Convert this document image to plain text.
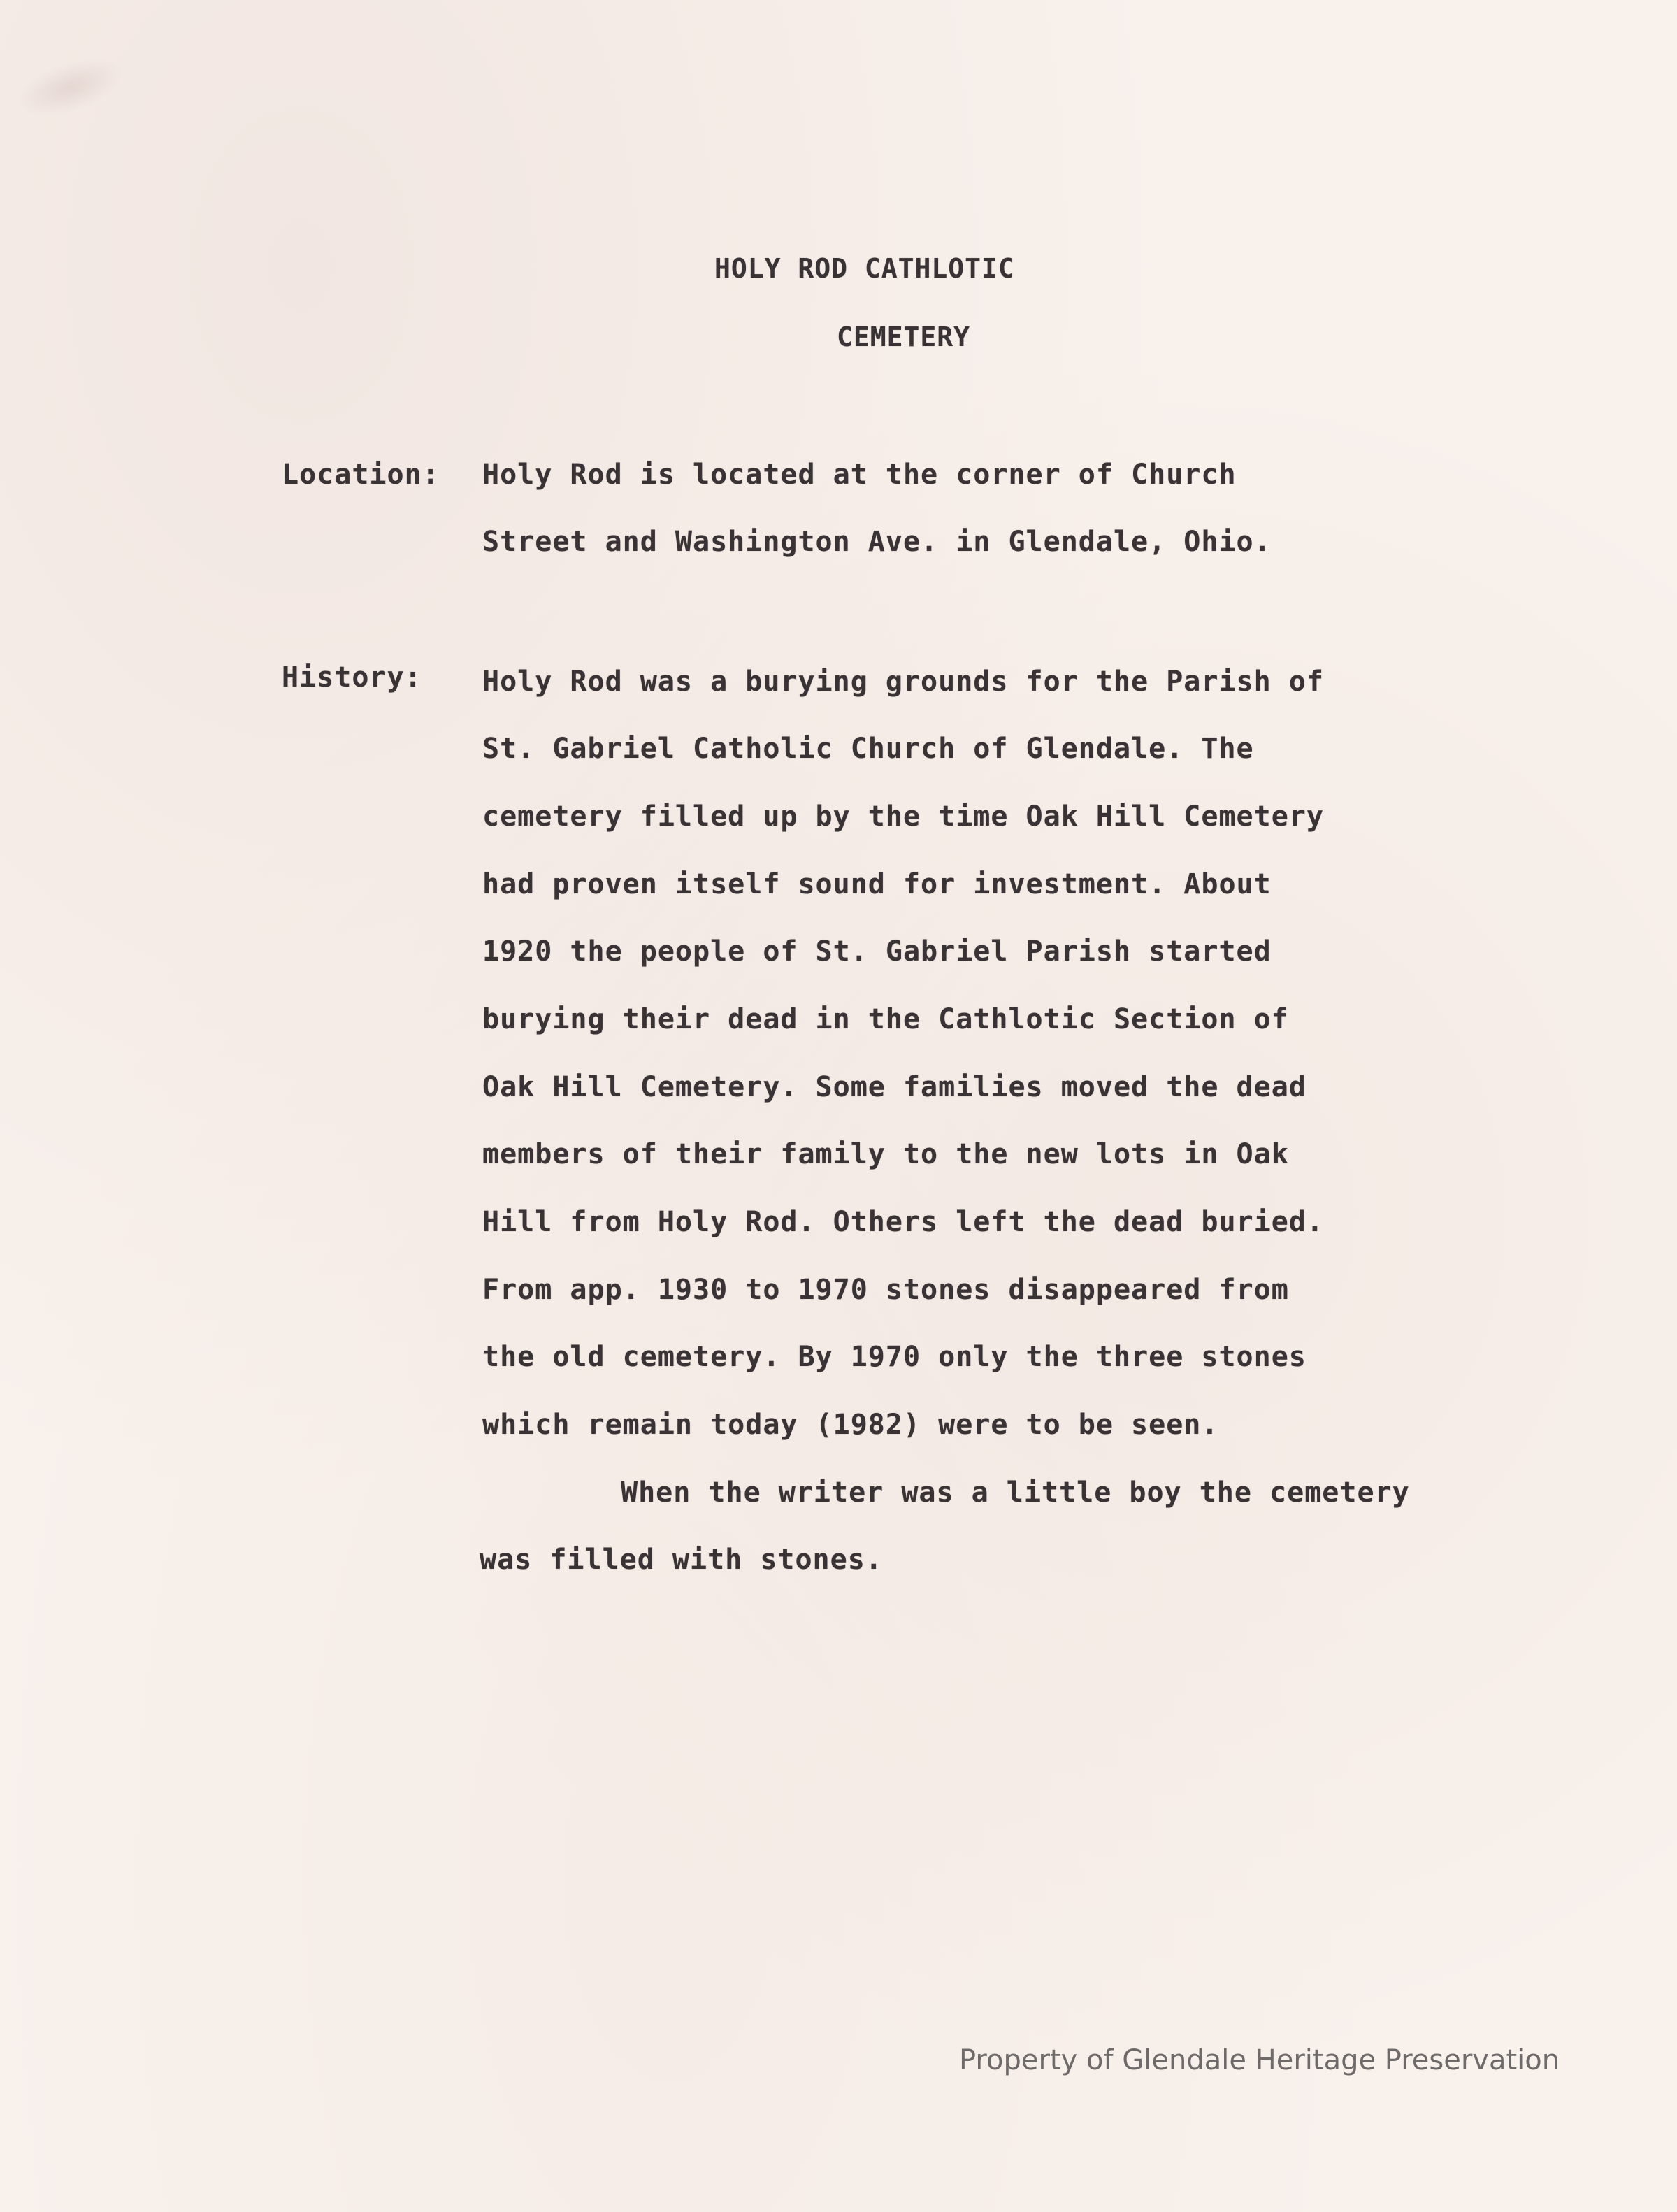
HOLY ROD CATHLOTIC
CEMETERY
Location: Holy Rod is located at the corner of Church
Street and Washington Ave. in Glendale, Ohio.
History: Holy Rod was a burying grounds for the Parish of
St. Gabriel Catholic Church of Glendale. The
cemetery filled up by the time Oak Hill Cemetery
had proven itself sound for investment. About
1920 the people of St. Gabriel Parish started
burying their dead in the Cathlotic Section of
Oak Hill Cemetery. Some families moved the dead
members of their family to the new lots in Oak
Hill from Holy Rod. Others left the dead buried.
From app. 1930 to 1970 stones disappeared from
the old cemetery. By 1970 only the three stones
which remain today (1982) were to be seen.
When the writer was a little boy the cemetery
was filled with stones.
Property of Glendale Heritage Preservation
